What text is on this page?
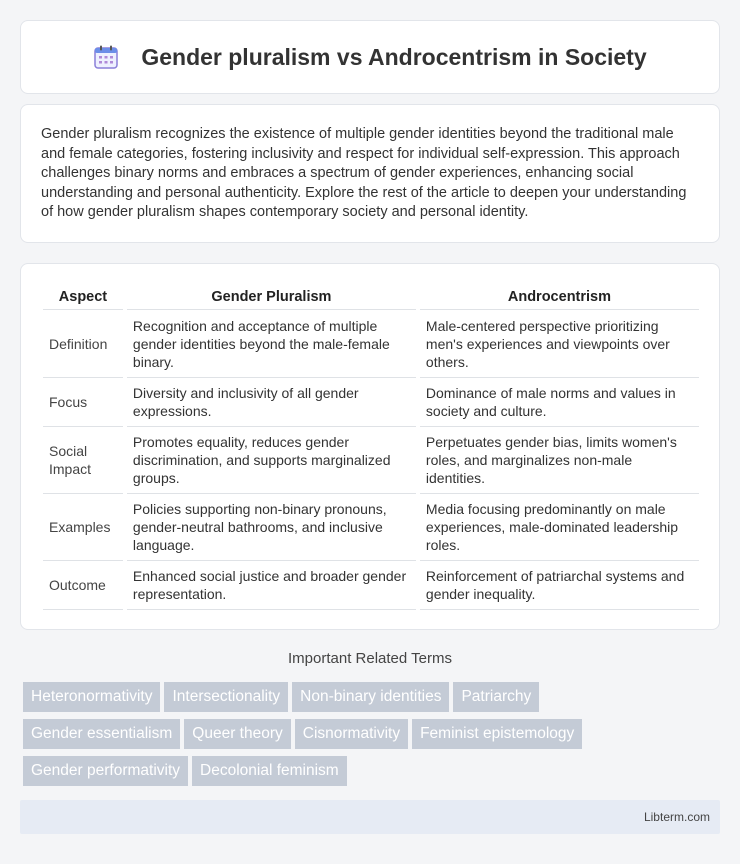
Gender pluralism vs Androcentrism in Society

Gender pluralism recognizes the existence of multiple gender identities beyond the traditional male and female categories, fostering inclusivity and respect for individual self-expression. This approach challenges binary norms and embraces a spectrum of gender experiences, enhancing social understanding and personal authenticity. Explore the rest of the article to deepen your understanding of how gender pluralism shapes contemporary society and personal identity.

Aspect	Gender Pluralism	Androcentrism
Definition	Recognition and acceptance of multiple gender identities beyond the male-female binary.	Male-centered perspective prioritizing men's experiences and viewpoints over others.
Focus	Diversity and inclusivity of all gender expressions.	Dominance of male norms and values in society and culture.
Social Impact	Promotes equality, reduces gender discrimination, and supports marginalized groups.	Perpetuates gender bias, limits women's roles, and marginalizes non-male identities.
Examples	Policies supporting non-binary pronouns, gender-neutral bathrooms, and inclusive language.	Media focusing predominantly on male experiences, male-dominated leadership roles.
Outcome	Enhanced social justice and broader gender representation.	Reinforcement of patriarchal systems and gender inequality.
Important Related Terms
Heteronormativity Intersectionality Non-binary identities Patriarchy
Gender essentialism Queer theory Cisnormativity Feminist epistemology
Gender performativity Decolonial feminism
Libterm.com
